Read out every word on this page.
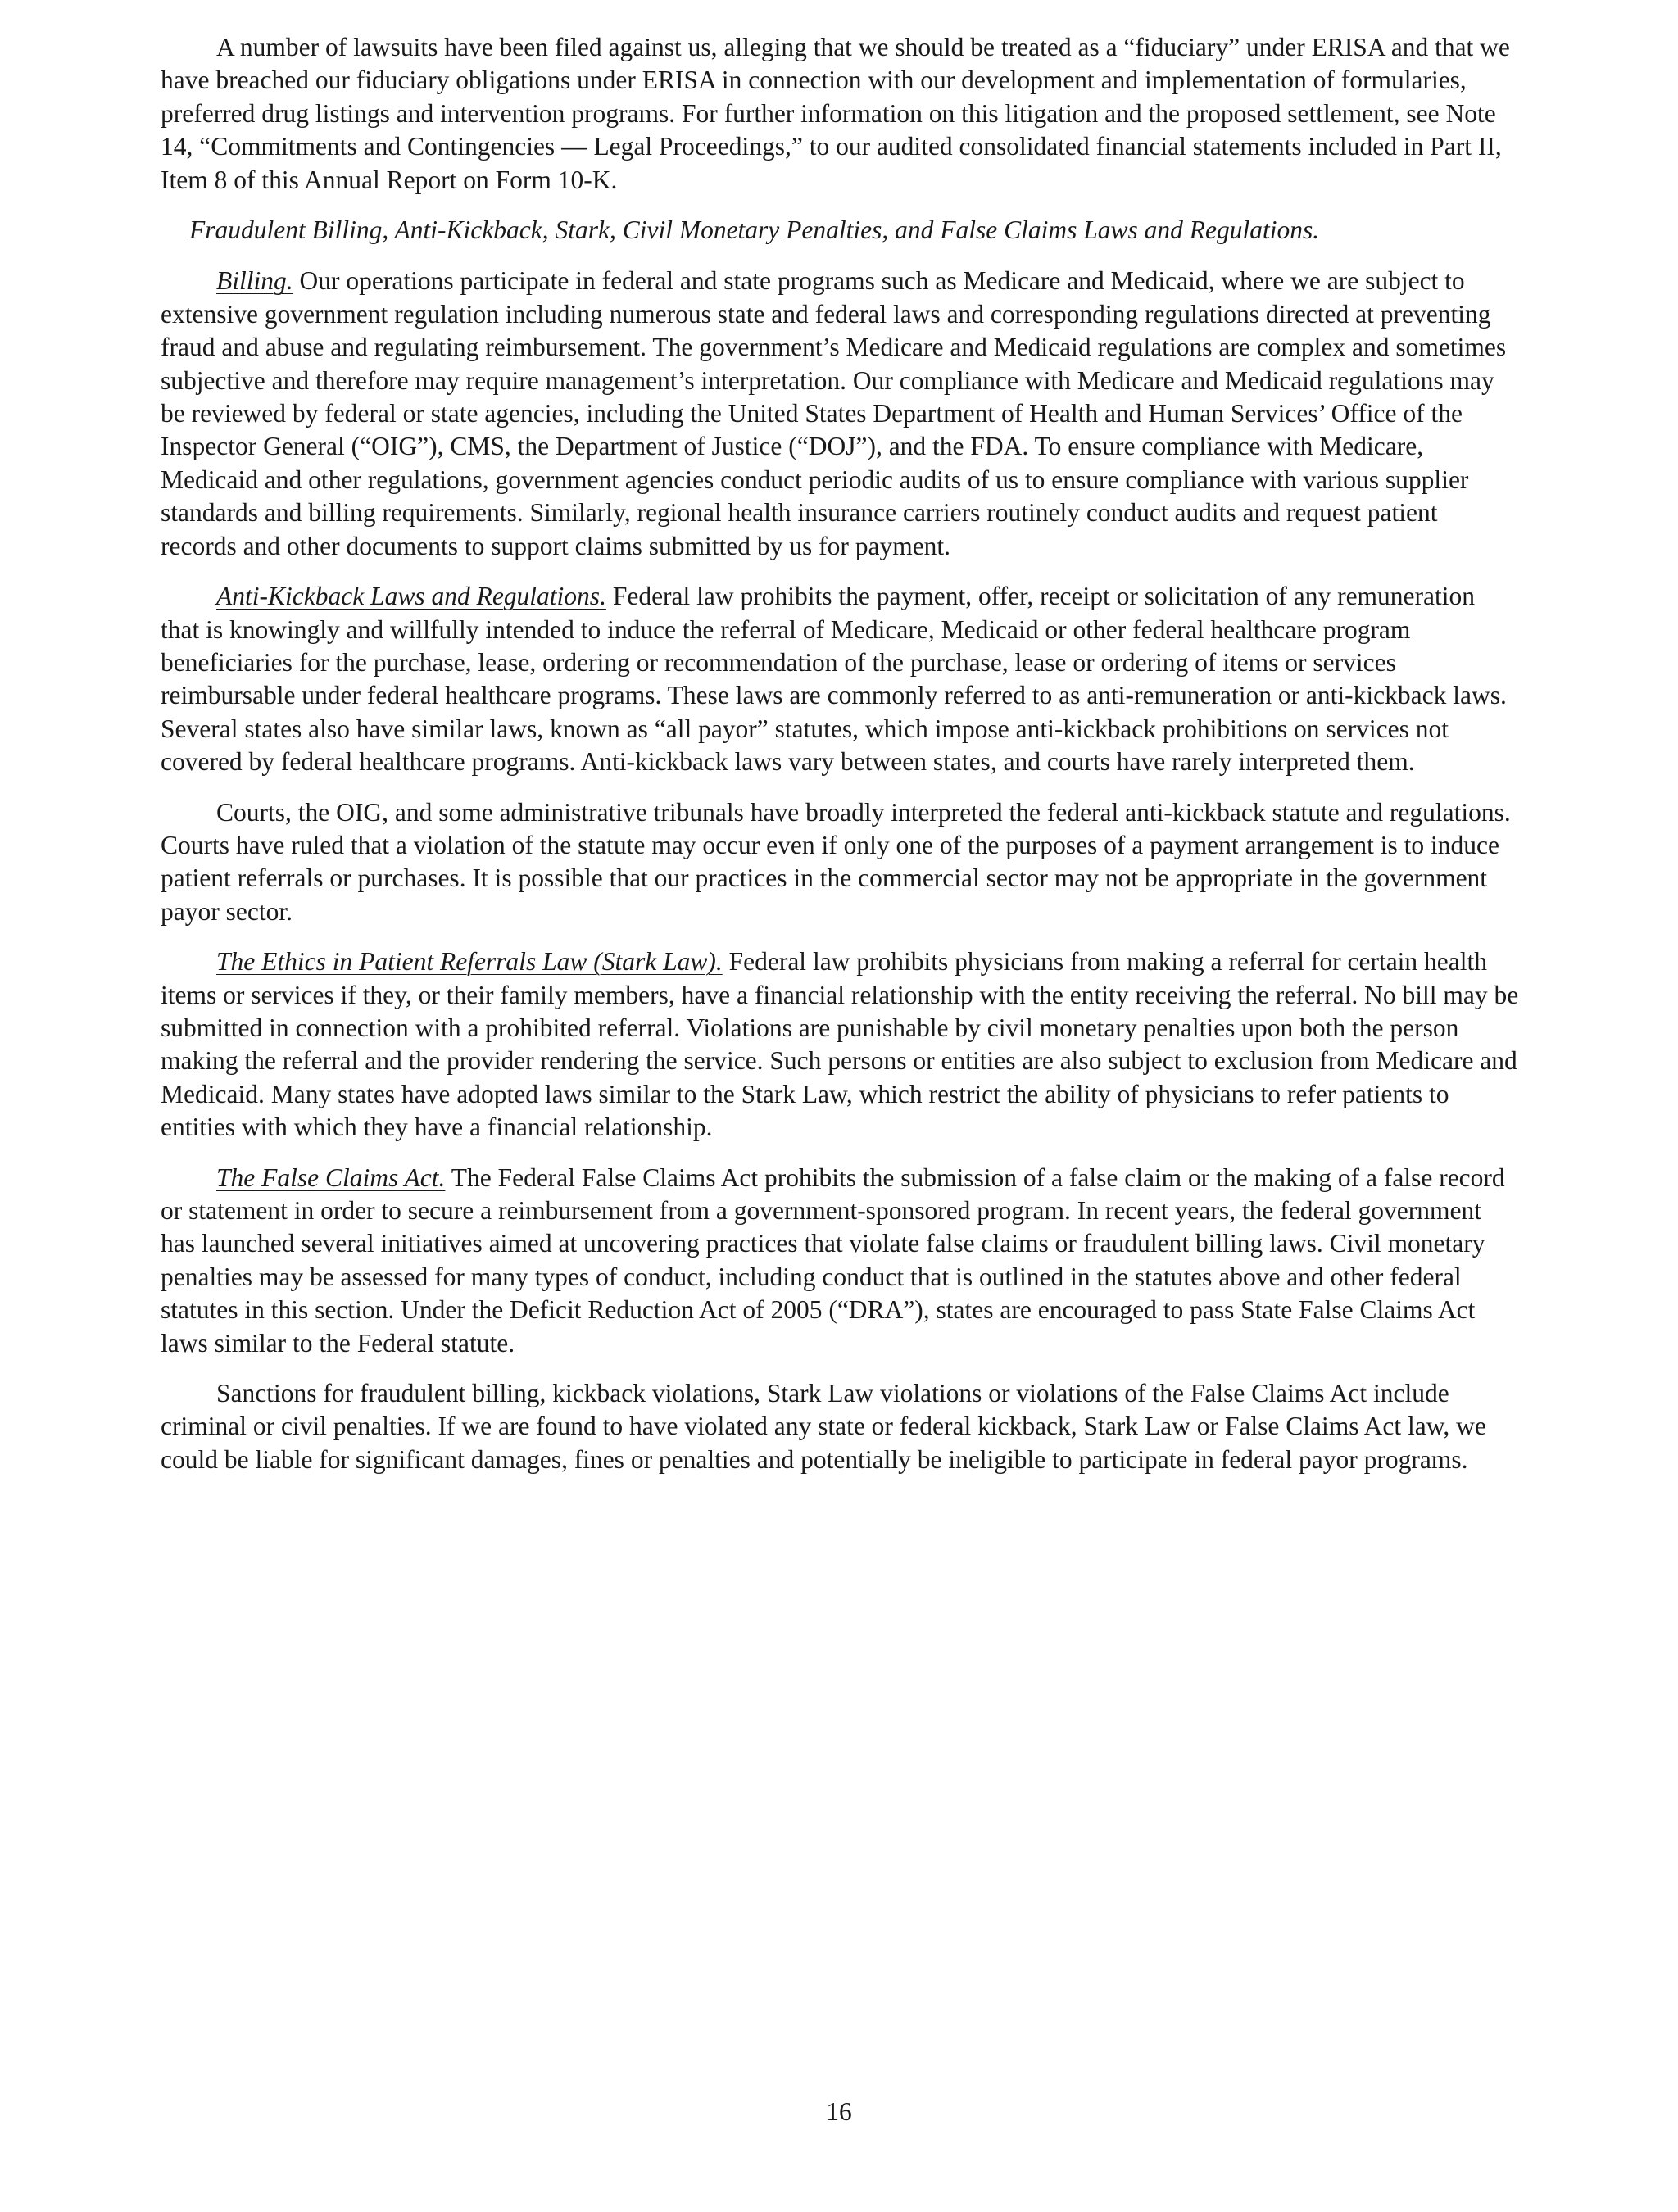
A number of lawsuits have been filed against us, alleging that we should be treated as a “fiduciary” under ERISA and that we have breached our fiduciary obligations under ERISA in connection with our development and implementation of formularies, preferred drug listings and intervention programs. For further information on this litigation and the proposed settlement, see Note 14, “Commitments and Contingencies — Legal Proceedings,” to our audited consolidated financial statements included in Part II, Item 8 of this Annual Report on Form 10-K.

Fraudulent Billing, Anti-Kickback, Stark, Civil Monetary Penalties, and False Claims Laws and Regulations.

Billing. Our operations participate in federal and state programs such as Medicare and Medicaid, where we are subject to extensive government regulation including numerous state and federal laws and corresponding regulations directed at preventing fraud and abuse and regulating reimbursement. The government’s Medicare and Medicaid regulations are complex and sometimes subjective and therefore may require management’s interpretation. Our compliance with Medicare and Medicaid regulations may be reviewed by federal or state agencies, including the United States Department of Health and Human Services’ Office of the Inspector General (“OIG”), CMS, the Department of Justice (“DOJ”), and the FDA. To ensure compliance with Medicare, Medicaid and other regulations, government agencies conduct periodic audits of us to ensure compliance with various supplier standards and billing requirements. Similarly, regional health insurance carriers routinely conduct audits and request patient records and other documents to support claims submitted by us for payment.

Anti-Kickback Laws and Regulations. Federal law prohibits the payment, offer, receipt or solicitation of any remuneration that is knowingly and willfully intended to induce the referral of Medicare, Medicaid or other federal healthcare program beneficiaries for the purchase, lease, ordering or recommendation of the purchase, lease or ordering of items or services reimbursable under federal healthcare programs. These laws are commonly referred to as anti-remuneration or anti-kickback laws. Several states also have similar laws, known as “all payor” statutes, which impose anti-kickback prohibitions on services not covered by federal healthcare programs. Anti-kickback laws vary between states, and courts have rarely interpreted them.

Courts, the OIG, and some administrative tribunals have broadly interpreted the federal anti-kickback statute and regulations. Courts have ruled that a violation of the statute may occur even if only one of the purposes of a payment arrangement is to induce patient referrals or purchases. It is possible that our practices in the commercial sector may not be appropriate in the government payor sector.

The Ethics in Patient Referrals Law (Stark Law). Federal law prohibits physicians from making a referral for certain health items or services if they, or their family members, have a financial relationship with the entity receiving the referral. No bill may be submitted in connection with a prohibited referral. Violations are punishable by civil monetary penalties upon both the person making the referral and the provider rendering the service. Such persons or entities are also subject to exclusion from Medicare and Medicaid. Many states have adopted laws similar to the Stark Law, which restrict the ability of physicians to refer patients to entities with which they have a financial relationship.

The False Claims Act. The Federal False Claims Act prohibits the submission of a false claim or the making of a false record or statement in order to secure a reimbursement from a government-sponsored program. In recent years, the federal government has launched several initiatives aimed at uncovering practices that violate false claims or fraudulent billing laws. Civil monetary penalties may be assessed for many types of conduct, including conduct that is outlined in the statutes above and other federal statutes in this section. Under the Deficit Reduction Act of 2005 (“DRA”), states are encouraged to pass State False Claims Act laws similar to the Federal statute.

Sanctions for fraudulent billing, kickback violations, Stark Law violations or violations of the False Claims Act include criminal or civil penalties. If we are found to have violated any state or federal kickback, Stark Law or False Claims Act law, we could be liable for significant damages, fines or penalties and potentially be ineligible to participate in federal payor programs.

16
